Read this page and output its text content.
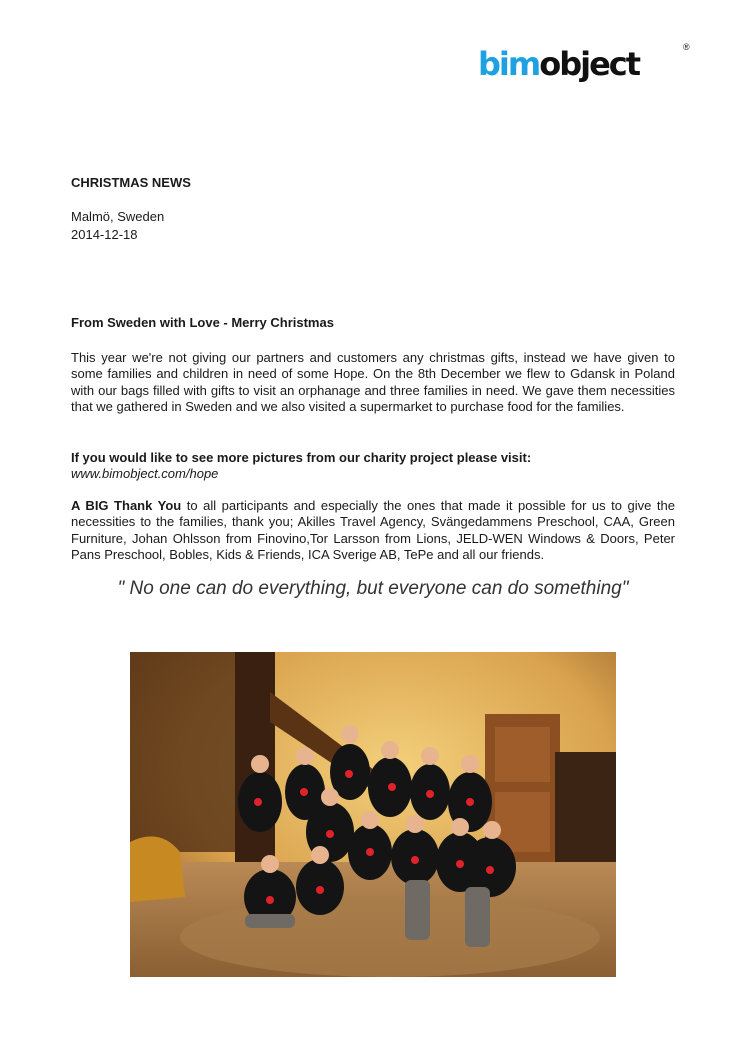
bimobject	®

CHRISTMAS NEWS

Malmö, Sweden

2014-12-18

From Sweden with Love - Merry Christmas

This year we're not giving our partners and customers any christmas gifts, instead we have given to some families and children in need of some Hope. On the 8th December we flew to Gdansk in Poland with our bags filled with gifts to visit an orphanage and three families in need. We gave them necessities that we gathered in Sweden and we also visited a supermarket to purchase food for the families.

If you would like to see more pictures from our charity project please visit:
www.bimobject.com/hope

A BIG Thank You to all participants and especially the ones that made it possible for us to give the necessities to the families, thank you; Akilles Travel Agency, Svängedammens Preschool, CAA, Green Furniture, Johan Ohlsson from Finovino,Tor Larsson from Lions, JELD-WEN Windows & Doors, Peter Pans Preschool, Bobles, Kids & Friends, ICA Sverige AB, TePe and all our friends.

" No one can do everything, but everyone can do something"
